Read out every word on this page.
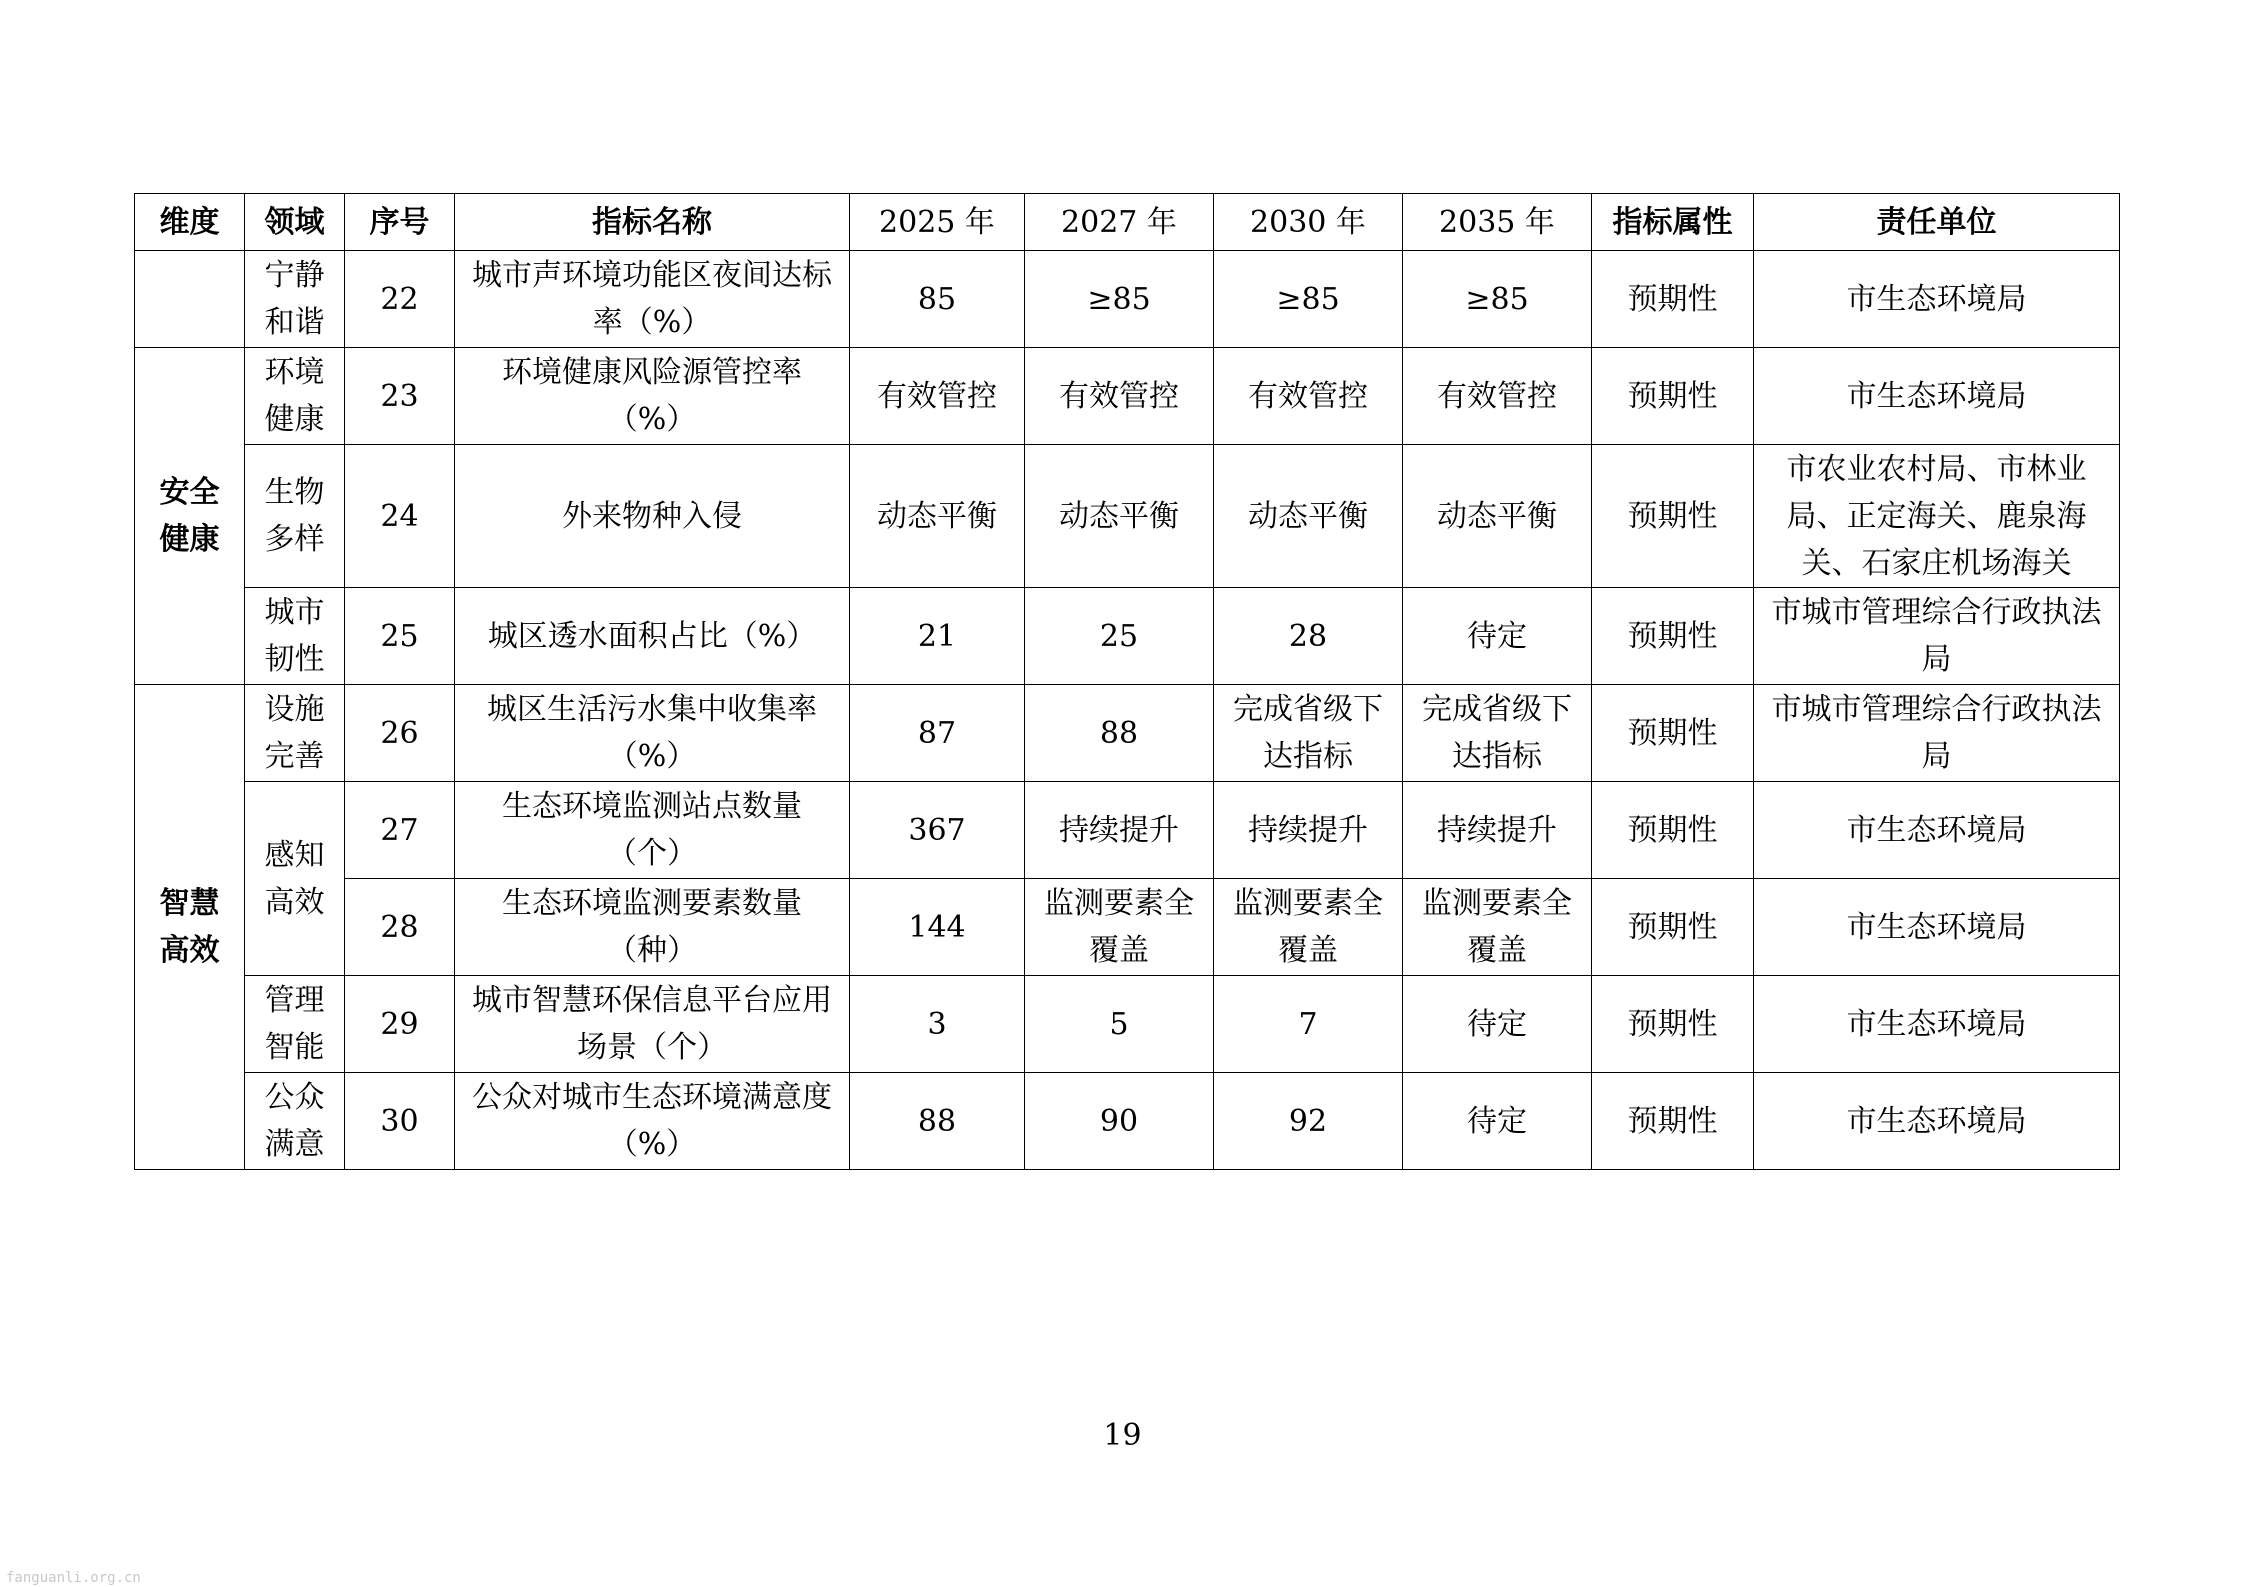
维度	领域	序号	指标名称	2025 年	2027 年	2030 年	2035 年	指标属性	责任单位
	宁静和谐	22	城市声环境功能区夜间达标率（%）	85	≥85	≥85	≥85	预期性	市生态环境局
安全健康	环境健康	23	环境健康风险源管控率（%）	有效管控	有效管控	有效管控	有效管控	预期性	市生态环境局
	生物多样	24	外来物种入侵	动态平衡	动态平衡	动态平衡	动态平衡	预期性	市农业农村局、市林业局、正定海关、鹿泉海关、石家庄机场海关
	城市韧性	25	城区透水面积占比（%）	21	25	28	待定	预期性	市城市管理综合行政执法局
智慧高效	设施完善	26	城区生活污水集中收集率（%）	87	88	完成省级下达指标	完成省级下达指标	预期性	市城市管理综合行政执法局
	感知高效	27	生态环境监测站点数量（个）	367	持续提升	持续提升	持续提升	预期性	市生态环境局
		28	生态环境监测要素数量（种）	144	监测要素全覆盖	监测要素全覆盖	监测要素全覆盖	预期性	市生态环境局
	管理智能	29	城市智慧环保信息平台应用场景（个）	3	5	7	待定	预期性	市生态环境局
	公众满意	30	公众对城市生态环境满意度（%）	88	90	92	待定	预期性	市生态环境局
19
fanguanli.org.cn
